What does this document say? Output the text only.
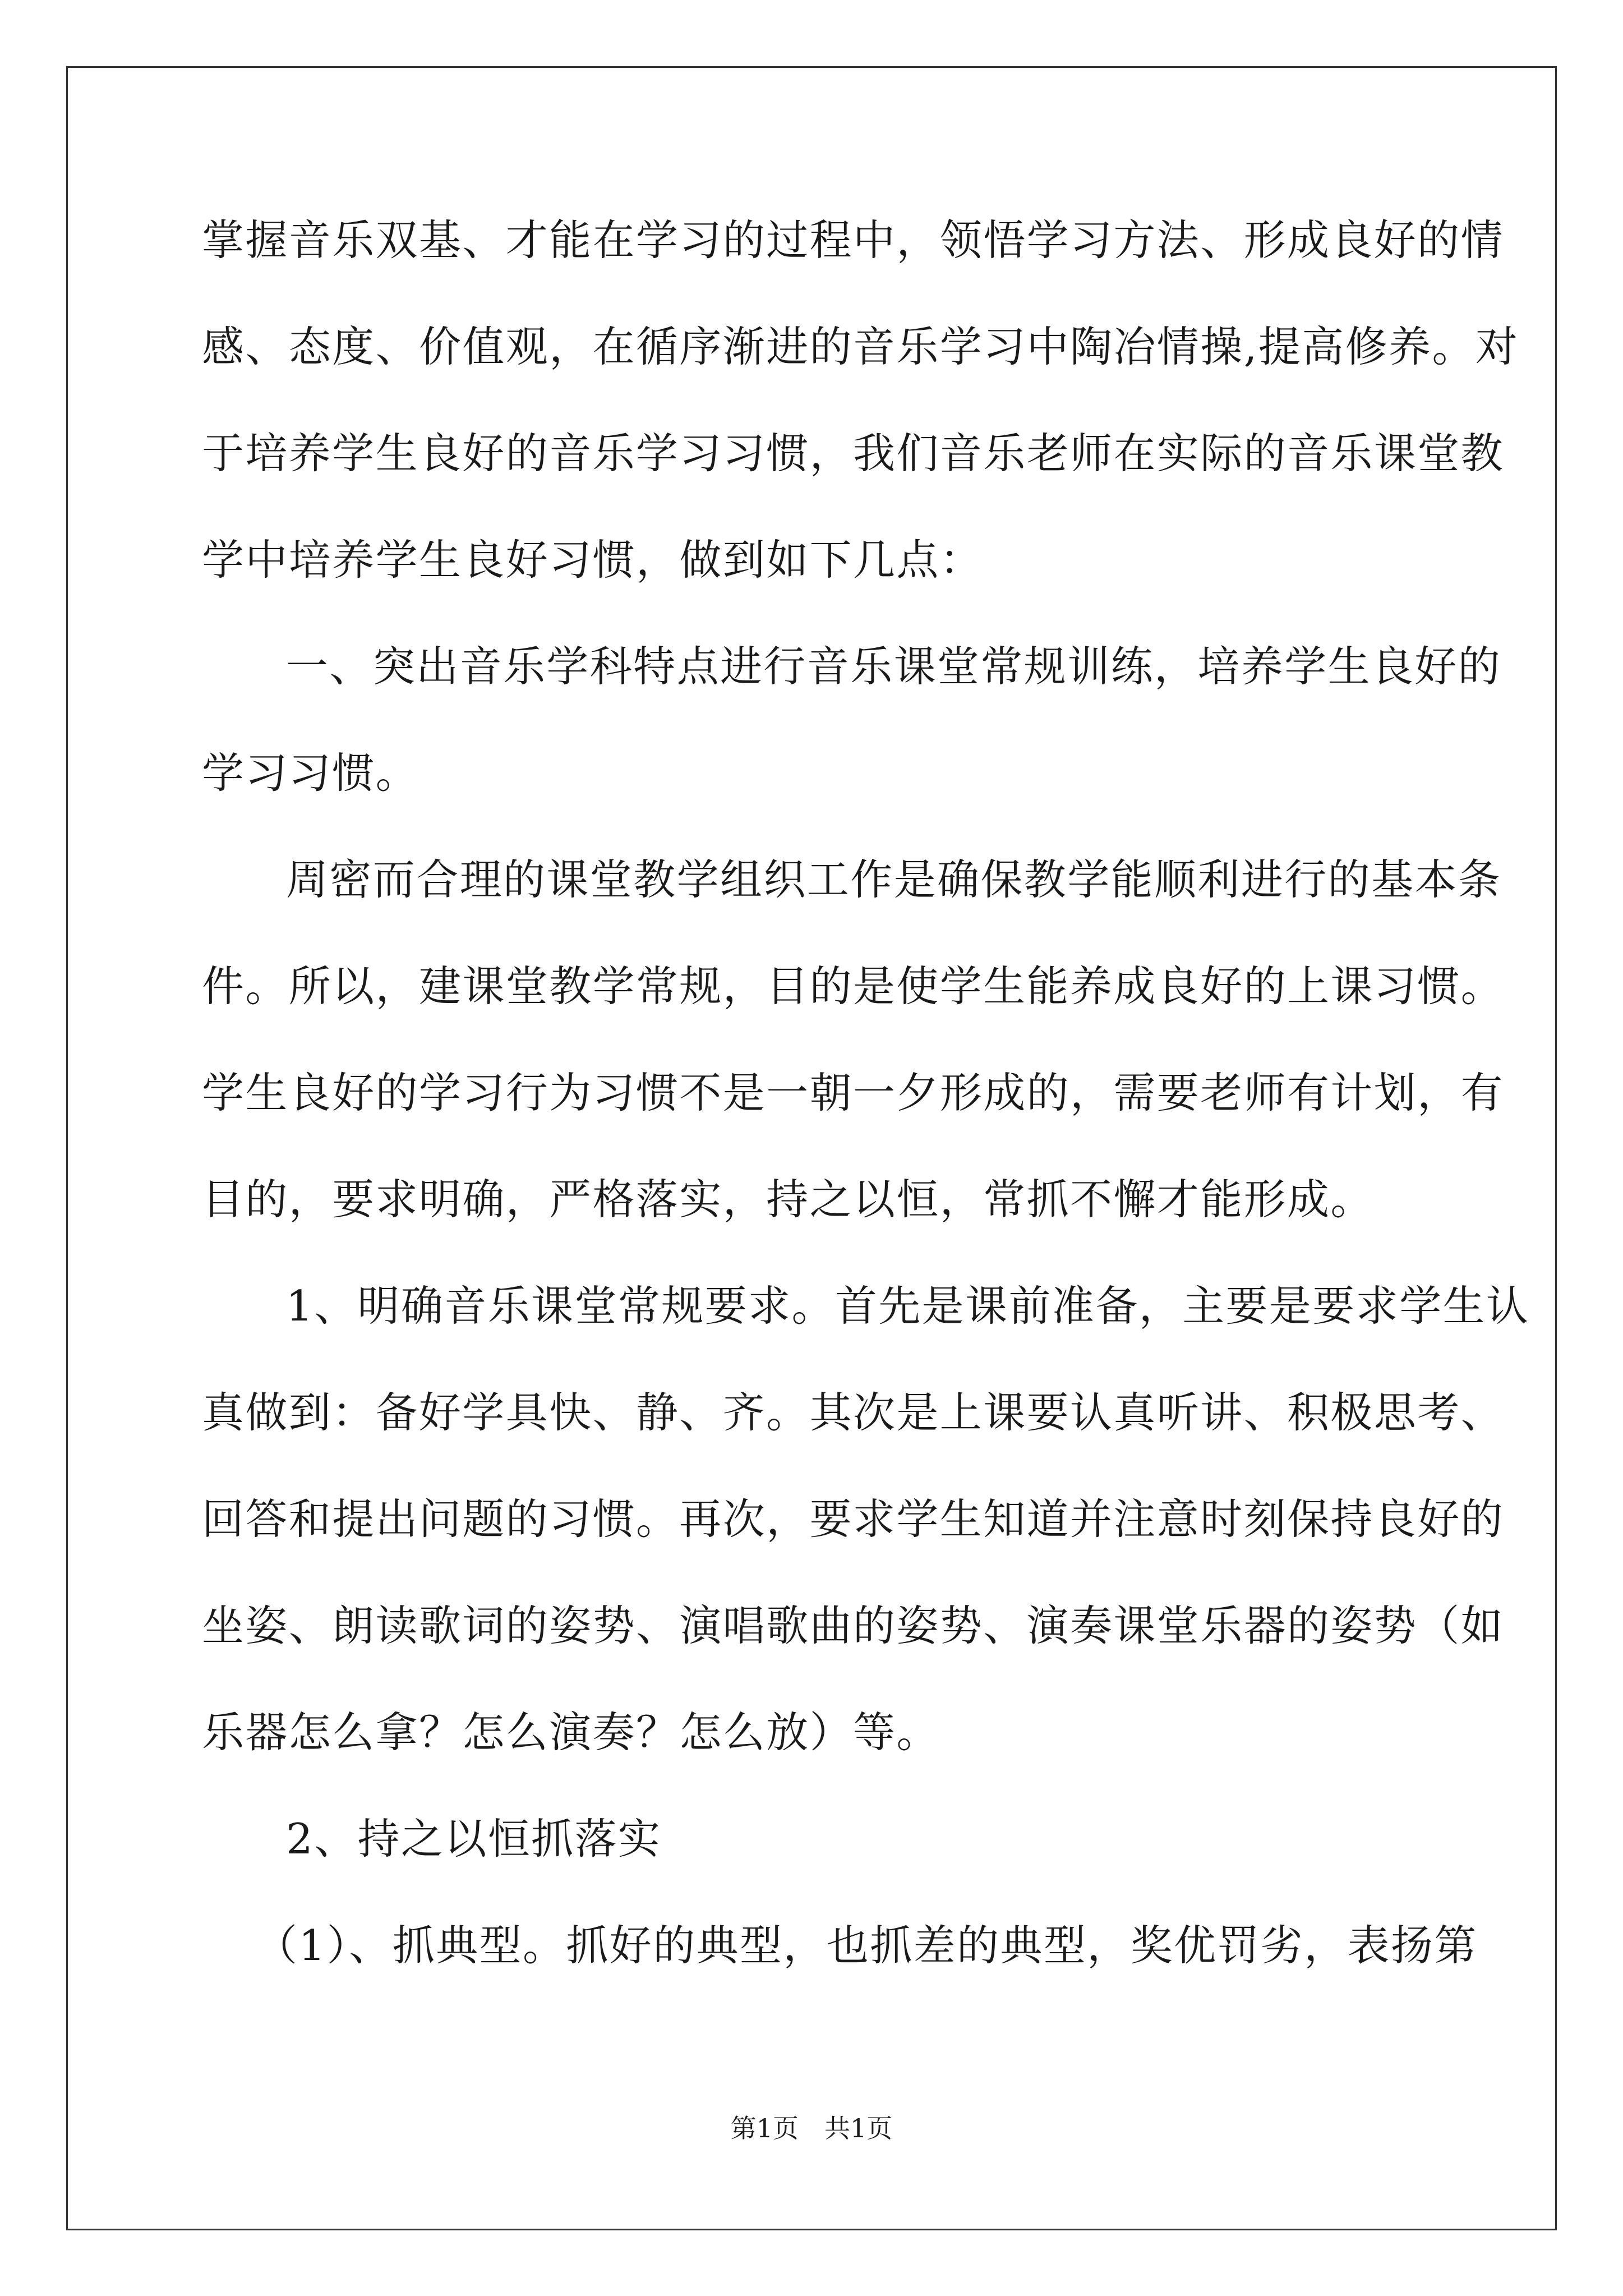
掌握音乐双基、才能在学习的过程中，领悟学习方法、形成良好的情
感、态度、价值观，在循序渐进的音乐学习中陶冶情操,提高修养。对
于培养学生良好的音乐学习习惯，我们音乐老师在实际的音乐课堂教
学中培养学生良好习惯，做到如下几点：
一、突出音乐学科特点进行音乐课堂常规训练，培养学生良好的
学习习惯。
周密而合理的课堂教学组织工作是确保教学能顺利进行的基本条
件。所以，建课堂教学常规，目的是使学生能养成良好的上课习惯。
学生良好的学习行为习惯不是一朝一夕形成的，需要老师有计划，有
目的，要求明确，严格落实，持之以恒，常抓不懈才能形成。
1、明确音乐课堂常规要求。首先是课前准备，主要是要求学生认
真做到：备好学具快、静、齐。其次是上课要认真听讲、积极思考、
回答和提出问题的习惯。再次，要求学生知道并注意时刻保持良好的
坐姿、朗读歌词的姿势、演唱歌曲的姿势、演奏课堂乐器的姿势（如
乐器怎么拿？怎么演奏？怎么放）等。
2、持之以恒抓落实
（1）、抓典型。抓好的典型，也抓差的典型，奖优罚劣，表扬第
第1页　共1页
